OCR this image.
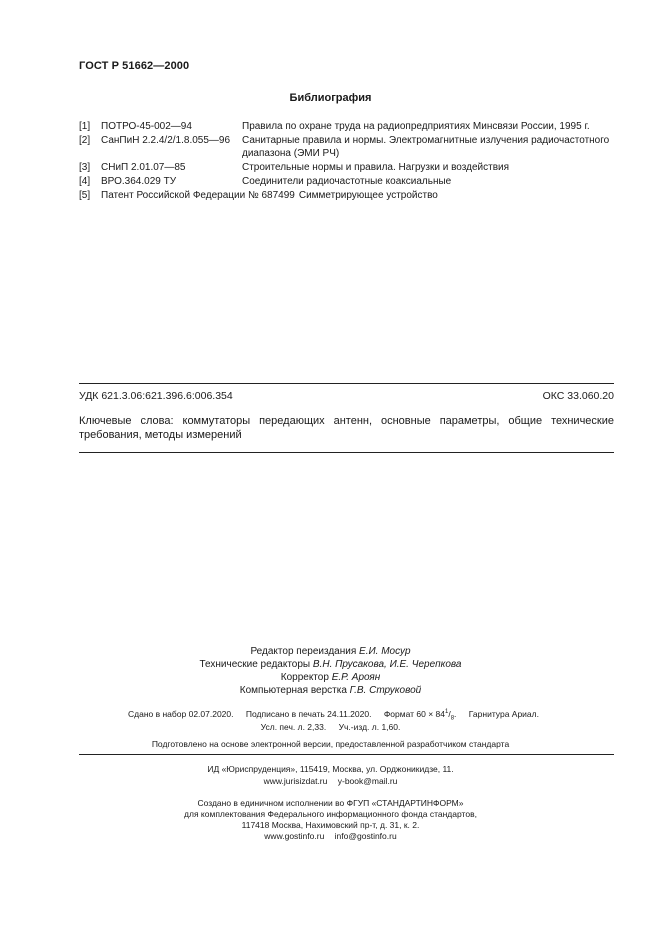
ГОСТ Р 51662—2000
Библиография
[1]	ПОТРО-45-002—94	Правила по охране труда на радиопредприятиях Минсвязи России, 1995 г.
[2]	СанПиН 2.2.4/2/1.8.055—96	Санитарные правила и нормы. Электромагнитные излучения радиочастотного диапазона (ЭМИ РЧ)
[3]	СНиП 2.01.07—85	Строительные нормы и правила. Нагрузки и воздействия
[4]	ВРО.364.029 ТУ	Соединители радиочастотные коаксиальные
[5]	Патент Российской Федерации № 687499 Симметрирующее устройство
УДК 621.3.06:621.396.6:006.354	ОКС 33.060.20
Ключевые слова: коммутаторы передающих антенн, основные параметры, общие технические требования, методы измерений
Редактор переиздания Е.И. Мосур
Технические редакторы В.Н. Прусакова, И.Е. Черепкова
Корректор Е.Р. Ароян
Компьютерная верстка Г.В. Струковой
Сдано в набор 02.07.2020. Подписано в печать 24.11.2020. Формат $60 \times 84^1/_8$. Гарнитура Ариал.
Усл. печ. л. 2,33. Уч.-изд. л. 1,60.
Подготовлено на основе электронной версии, предоставленной разработчиком стандарта
ИД «Юриспруденция», 115419, Москва, ул. Орджоникидзе, 11.
www.jurisizdat.ru y-book@mail.ru
Создано в единичном исполнении во ФГУП «СТАНДАРТИНФОРМ»
для комплектования Федерального информационного фонда стандартов,
117418 Москва, Нахимовский пр-т, д. 31, к. 2.
www.gostinfo.ru info@gostinfo.ru
